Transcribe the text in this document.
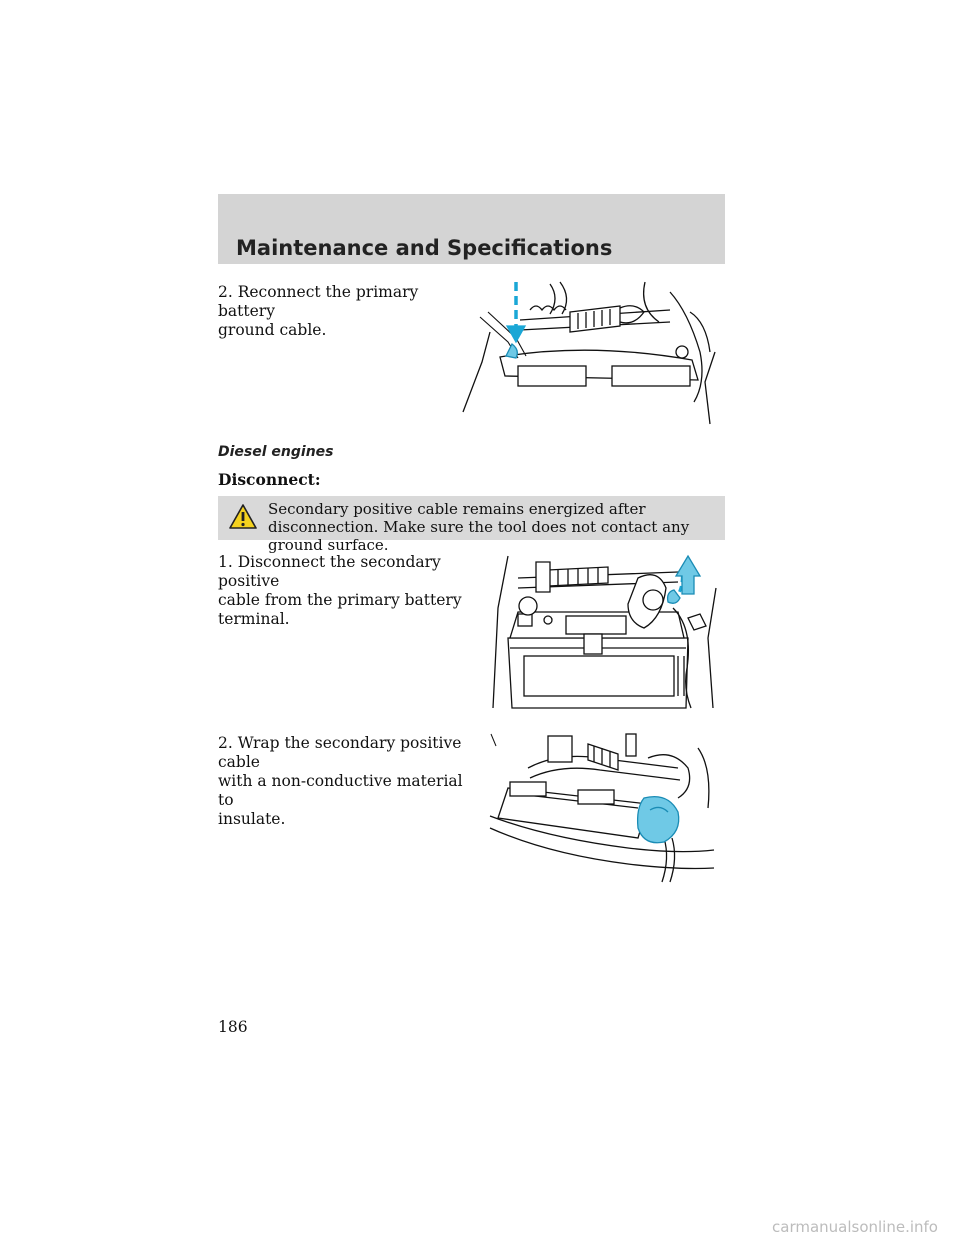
Maintenance and Specifications
2. Reconnect the primary battery
ground cable.
Diesel engines
Disconnect:
Secondary positive cable remains energized after disconnection. Make sure the tool does not contact any ground surface.
1. Disconnect the secondary positive
cable from the primary battery
terminal.
2. Wrap the secondary positive cable
with a non-conductive material to
insulate.
186
carmanualsonline.info
